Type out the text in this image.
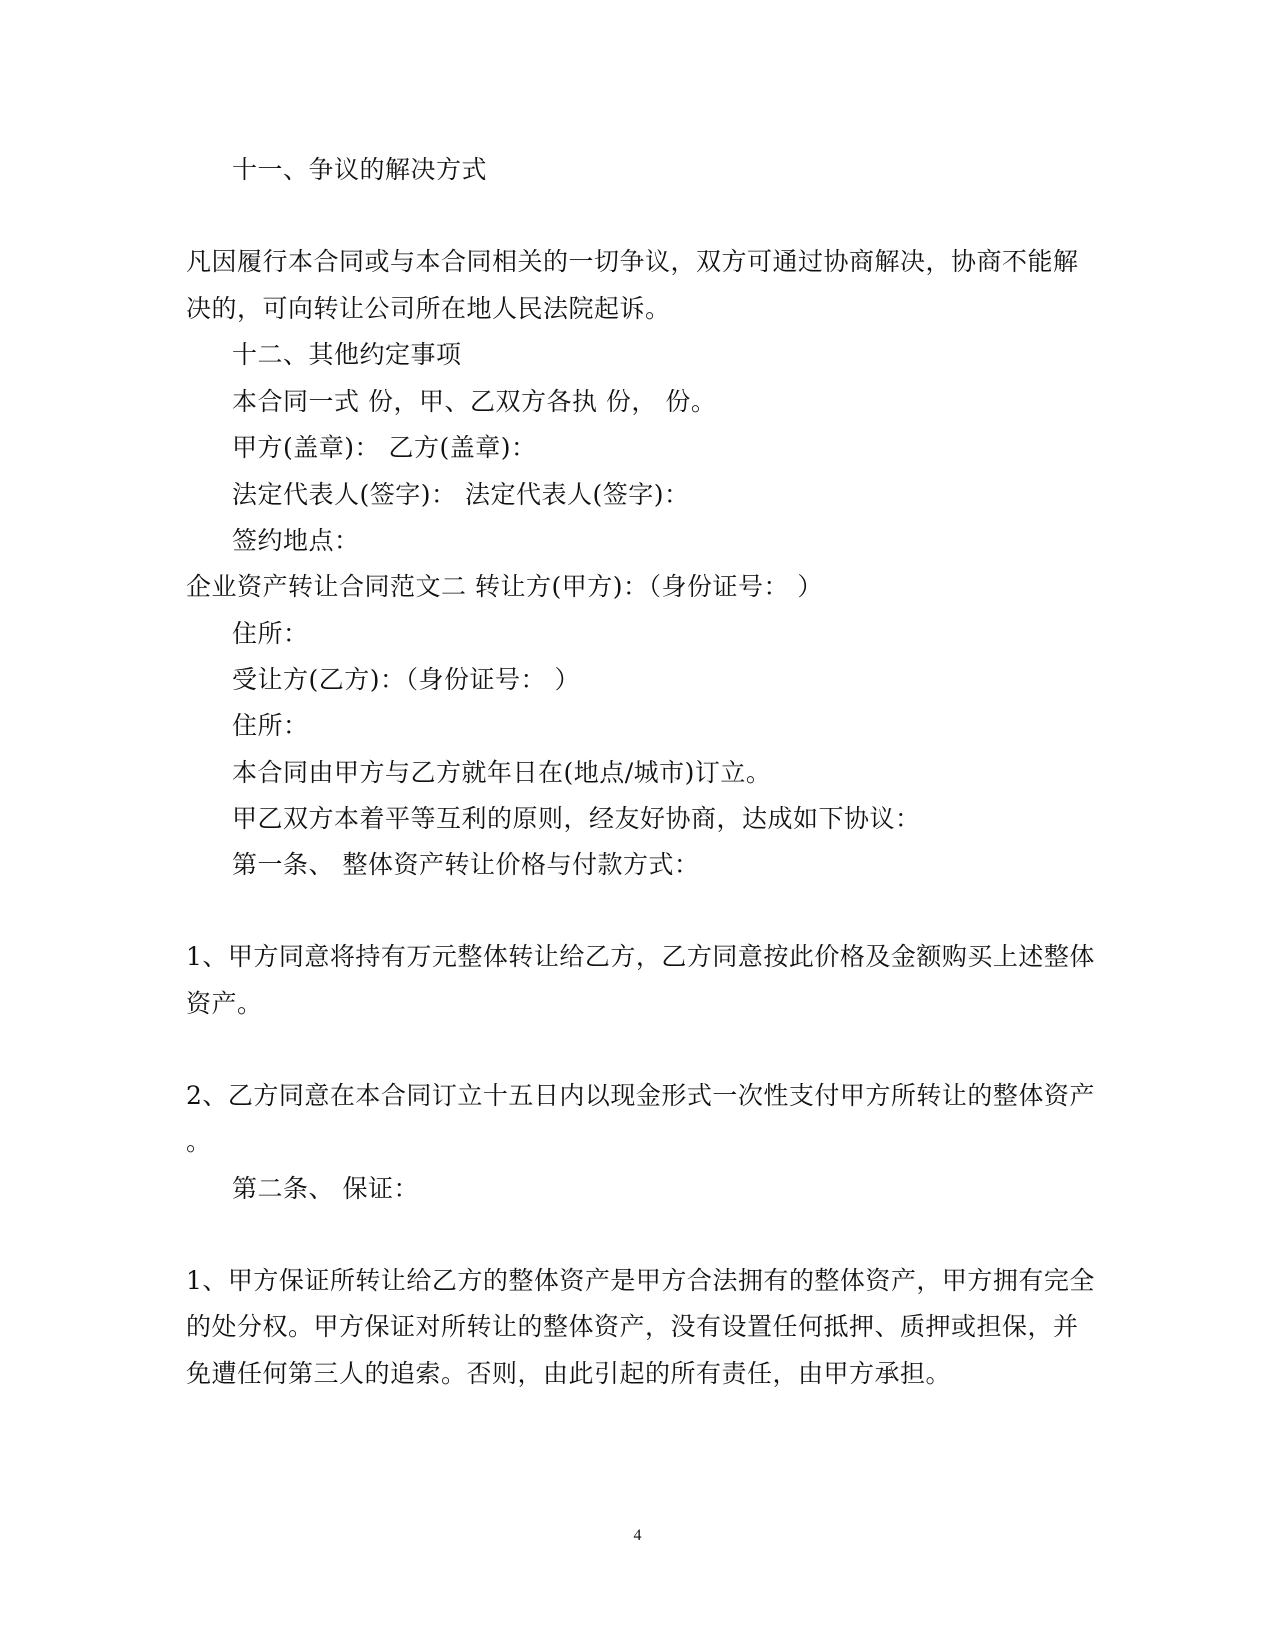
十一、争议的解决方式
凡因履行本合同或与本合同相关的一切争议，双方可通过协商解决，协商不能解
决的，可向转让公司所在地人民法院起诉。
十二、其他约定事项
本合同一式 份，甲、乙双方各执 份， 份。
甲方(盖章)： 乙方(盖章)：
法定代表人(签字)： 法定代表人(签字)：
签约地点：
企业资产转让合同范文二 转让方(甲方)：（身份证号： ）
住所：
受让方(乙方)：（身份证号： ）
住所：
本合同由甲方与乙方就年日在(地点/城市)订立。
甲乙双方本着平等互利的原则，经友好协商，达成如下协议：
第一条、 整体资产转让价格与付款方式：
1、甲方同意将持有万元整体转让给乙方，乙方同意按此价格及金额购买上述整体
资产。
2、乙方同意在本合同订立十五日内以现金形式一次性支付甲方所转让的整体资产
。
第二条、 保证：
1、甲方保证所转让给乙方的整体资产是甲方合法拥有的整体资产，甲方拥有完全
的处分权。甲方保证对所转让的整体资产，没有设置任何抵押、质押或担保，并
免遭任何第三人的追索。否则，由此引起的所有责任，由甲方承担。
4
